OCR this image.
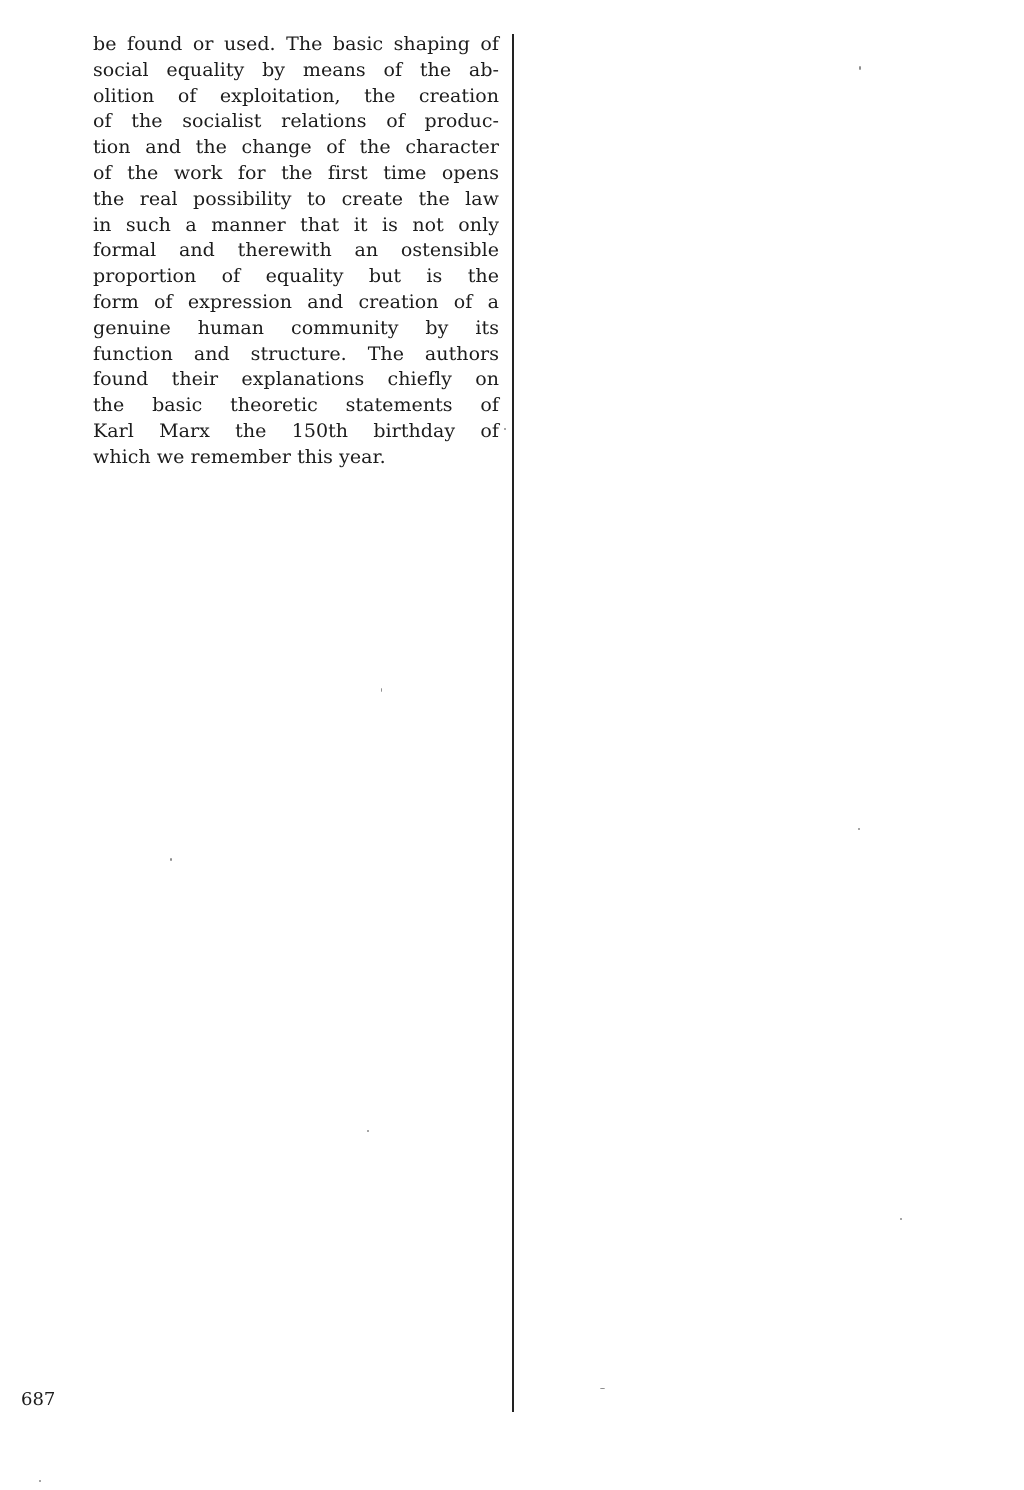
be found or used. The basic shaping of
social equality by means of the ab-
olition of exploitation, the creation
of the socialist relations of produc-
tion and the change of the character
of the work for the first time opens
the real possibility to create the law
in such a manner that it is not only
formal and therewith an ostensible
proportion of equality but is the
form of expression and creation of a
genuine human community by its
function and structure. The authors
found their explanations chiefly on
the basic theoretic statements of
Karl Marx the 150th birthday of
which we remember this year.
687
